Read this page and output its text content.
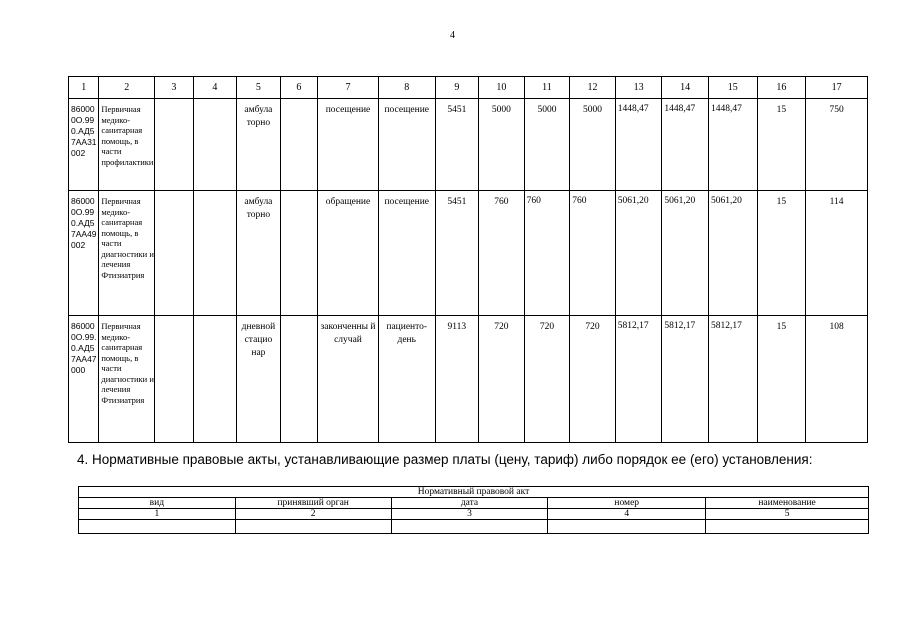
4
1	2	3	4	5	6	7	8	9	10	11	12	13	14	15	16	17
860000О.990.АД57АА31002	Первичная медико-санитарная помощь, в части профилактики			амбула торно		посещение	посещение	5451	5000	5000	5000	1448,47	1448,47	1448,47	15	750
860000О.990.АД57АА49002	Первичная медико-санитарная помощь, в части диагностики и лечения Фтизиатрия			амбула торно		обращение	посещение	5451	760	760	760	5061,20	5061,20	5061,20	15	114
860000О.99.0.АД57АА47000	Первичная медико-санитарная помощь, в части диагностики и лечения Фтизиатрия			дневной стацио нар		законченны й случай	пациенто-день	9113	720	720	720	5812,17	5812,17	5812,17	15	108
4. Нормативные правовые акты, устанавливающие размер платы (цену, тариф) либо порядок ее (его) установления:
Нормативный правовой акт				
вид	принявший орган	дата	номер	наименование
1	2	3	4	5
